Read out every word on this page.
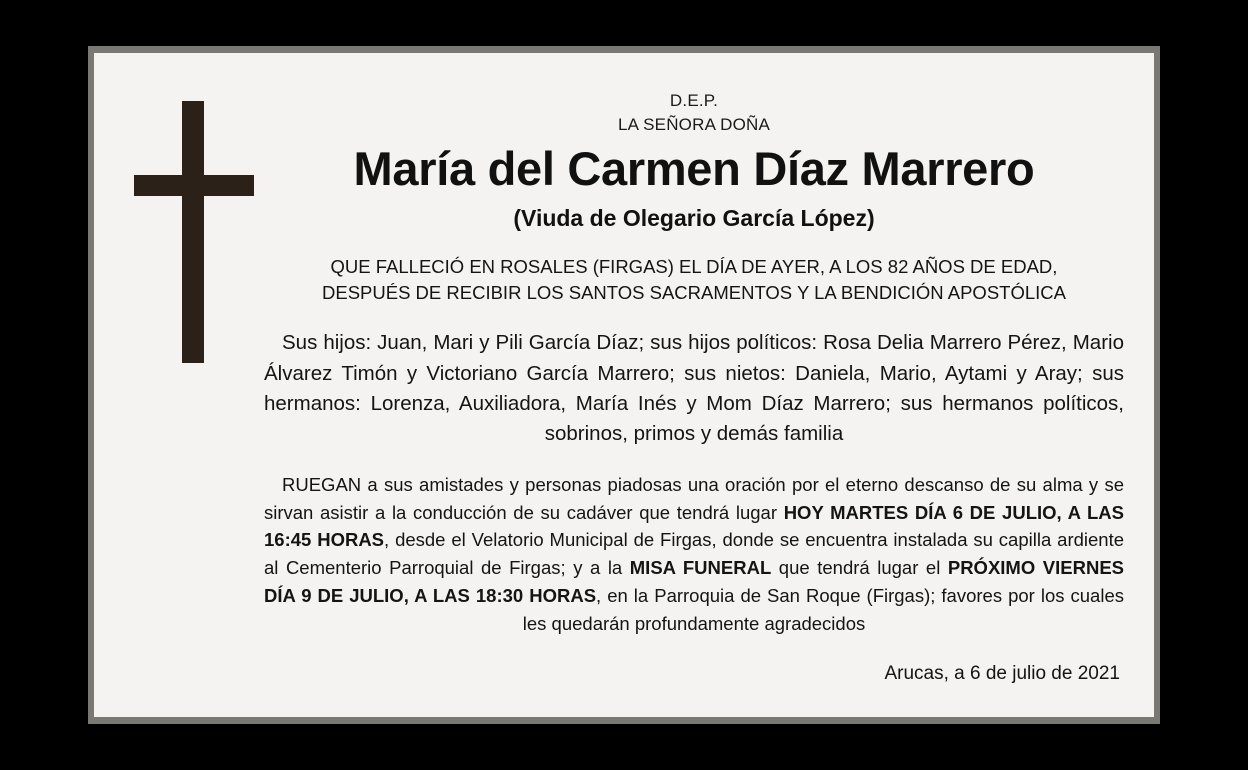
D.E.P.
LA SEÑORA DOÑA
María del Carmen Díaz Marrero
(Viuda de Olegario García López)
QUE FALLECIÓ EN ROSALES (FIRGAS) EL DÍA DE AYER, A LOS 82 AÑOS DE EDAD,
DESPUÉS DE RECIBIR LOS SANTOS SACRAMENTOS Y LA BENDICIÓN APOSTÓLICA
Sus hijos: Juan, Mari y Pili García Díaz; sus hijos políticos: Rosa Delia Marrero Pérez, Mario Álvarez Timón y Victoriano García Marrero; sus nietos: Daniela, Mario, Aytami y Aray; sus hermanos: Lorenza, Auxiliadora, María Inés y Mom Díaz Marrero; sus hermanos políticos, sobrinos, primos y demás familia
RUEGAN a sus amistades y personas piadosas una oración por el eterno descanso de su alma y se sirvan asistir a la conducción de su cadáver que tendrá lugar HOY MARTES DÍA 6 DE JULIO, A LAS 16:45 HORAS, desde el Velatorio Municipal de Firgas, donde se encuentra instalada su capilla ardiente al Cementerio Parroquial de Firgas; y a la MISA FUNERAL que tendrá lugar el PRÓXIMO VIERNES DÍA 9 DE JULIO, A LAS 18:30 HORAS, en la Parroquia de San Roque (Firgas); favores por los cuales les quedarán profundamente agradecidos
Arucas, a 6 de julio de 2021
